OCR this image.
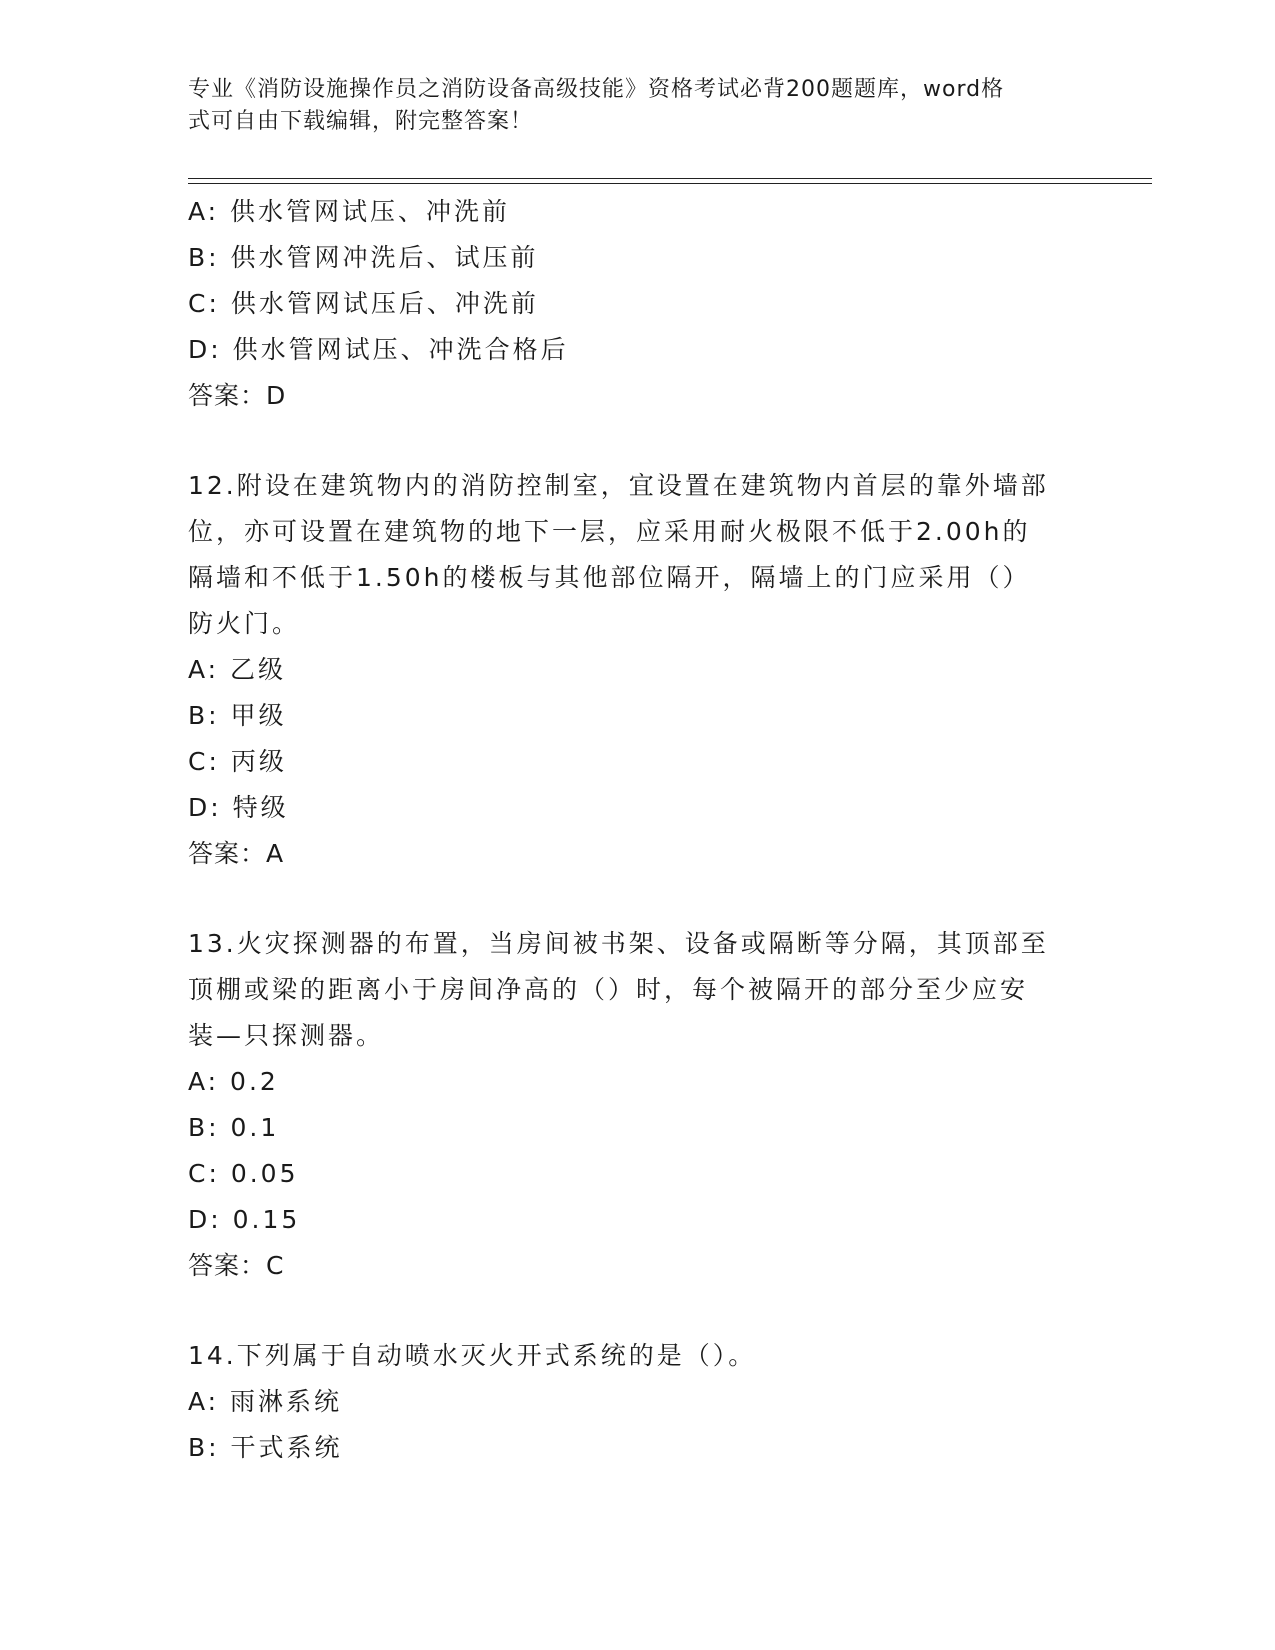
专业《消防设施操作员之消防设备高级技能》资格考试必背200题题库，word格
式可自由下载编辑，附完整答案！
A: 供水管网试压、冲洗前
B: 供水管网冲洗后、试压前
C: 供水管网试压后、冲洗前
D: 供水管网试压、冲洗合格后
答案：D
12.附设在建筑物内的消防控制室，宜设置在建筑物内首层的靠外墙部
位，亦可设置在建筑物的地下一层，应采用耐火极限不低于2.00h的
隔墙和不低于1.50h的楼板与其他部位隔开，隔墙上的门应采用（）
防火门。
A: 乙级
B: 甲级
C: 丙级
D: 特级
答案：A
13.火灾探测器的布置，当房间被书架、设备或隔断等分隔，其顶部至
顶棚或梁的距离小于房间净高的（）时，每个被隔开的部分至少应安
装—只探测器。
A: 0.2
B: 0.1
C: 0.05
D: 0.15
答案：C
14.下列属于自动喷水灭火开式系统的是（）。
A: 雨淋系统
B: 干式系统
